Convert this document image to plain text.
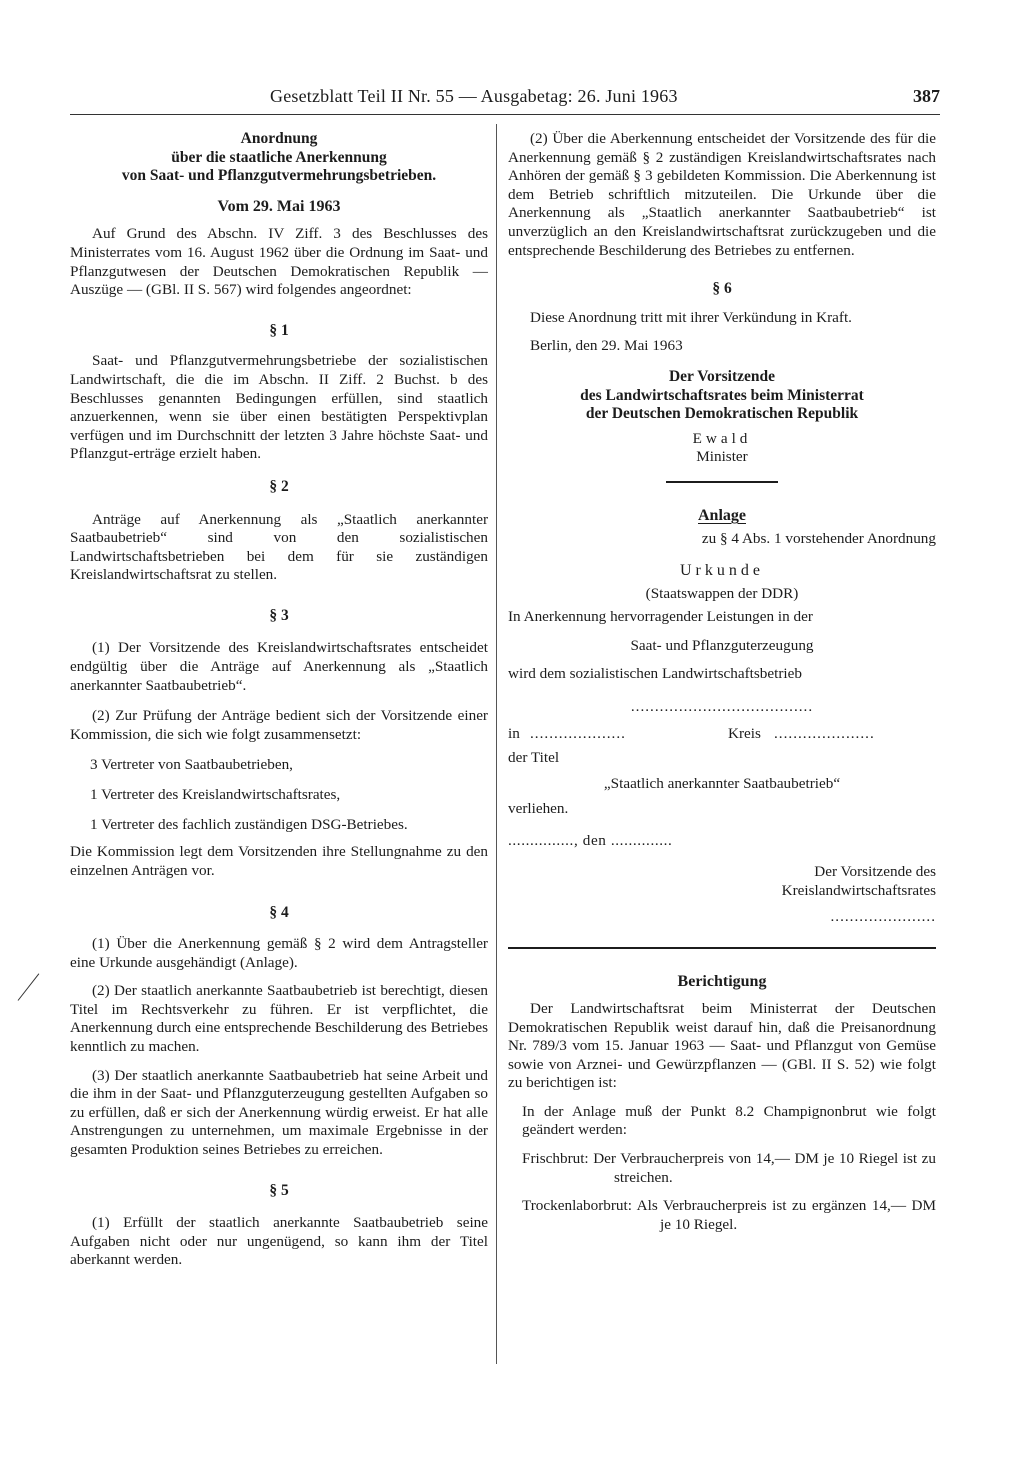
Gesetzblatt Teil II Nr. 55 — Ausgabetag: 26. Juni 1963	387

Anordnung

über die staatliche Anerkennung

von Saat- und Pflanzgutvermehrungsbetrieben.

Vom 29. Mai 1963

Auf Grund des Abschn. IV Ziff. 3 des Beschlusses des Ministerrates vom 16. August 1962 über die Ordnung im Saat- und Pflanzgutwesen der Deutschen Demokratischen Republik — Auszüge — (GBl. II S. 567) wird folgendes angeordnet:

§ 1

Saat- und Pflanzgutvermehrungsbetriebe der sozialistischen Landwirtschaft, die die im Abschn. II Ziff. 2 Buchst. b des Beschlusses genannten Bedingungen erfüllen, sind staatlich anzuerkennen, wenn sie über einen bestätigten Perspektivplan verfügen und im Durchschnitt der letzten 3 Jahre höchste Saat- und Pflanzgut-erträge erzielt haben.

§ 2

Anträge auf Anerkennung als „Staatlich anerkannter Saatbaubetrieb“ sind von den sozialistischen Landwirtschaftsbetrieben bei dem für sie zuständigen Kreislandwirtschaftsrat zu stellen.

§ 3

(1) Der Vorsitzende des Kreislandwirtschaftsrates entscheidet endgültig über die Anträge auf Anerkennung als „Staatlich anerkannter Saatbaubetrieb“.

(2) Zur Prüfung der Anträge bedient sich der Vorsitzende einer Kommission, die sich wie folgt zusammensetzt:

3 Vertreter von Saatbaubetrieben,

1 Vertreter des Kreislandwirtschaftsrates,

1 Vertreter des fachlich zuständigen DSG-Betriebes.

Die Kommission legt dem Vorsitzenden ihre Stellungnahme zu den einzelnen Anträgen vor.

§ 4

(1) Über die Anerkennung gemäß § 2 wird dem Antragsteller eine Urkunde ausgehändigt (Anlage).

(2) Der staatlich anerkannte Saatbaubetrieb ist berechtigt, diesen Titel im Rechtsverkehr zu führen. Er ist verpflichtet, die Anerkennung durch eine entsprechende Beschilderung des Betriebes kenntlich zu machen.

(3) Der staatlich anerkannte Saatbaubetrieb hat seine Arbeit und die ihm in der Saat- und Pflanzguterzeugung gestellten Aufgaben so zu erfüllen, daß er sich der Anerkennung würdig erweist. Er hat alle Anstrengungen zu unternehmen, um maximale Ergebnisse in der gesamten Produktion seines Betriebes zu erreichen.

§ 5

(1) Erfüllt der staatlich anerkannte Saatbaubetrieb seine Aufgaben nicht oder nur ungenügend, so kann ihm der Titel aberkannt werden.

(2) Über die Aberkennung entscheidet der Vorsitzende des für die Anerkennung gemäß § 2 zuständigen Kreislandwirtschaftsrates nach Anhören der gemäß § 3 gebildeten Kommission. Die Aberkennung ist dem Betrieb schriftlich mitzuteilen. Die Urkunde über die Anerkennung als „Staatlich anerkannter Saatbaubetrieb“ ist unverzüglich an den Kreislandwirtschaftsrat zurückzugeben und die entsprechende Beschilderung des Betriebes zu entfernen.

§ 6

Diese Anordnung tritt mit ihrer Verkündung in Kraft.

Berlin, den 29. Mai 1963

Der Vorsitzende

des Landwirtschaftsrates beim Ministerrat

der Deutschen Demokratischen Republik

Ewald

Minister

Anlage

zu § 4 Abs. 1 vorstehender Anordnung

Urkunde

(Staatswappen der DDR)

In Anerkennung hervorragender Leistungen in der

Saat- und Pflanzguterzeugung

wird dem sozialistischen Landwirtschaftsbetrieb

......................................

in ....................	Kreis .....................

der Titel

„Staatlich anerkannter Saatbaubetrieb“

verliehen.

..............., den ..............

Der Vorsitzende des

Kreislandwirtschaftsrates

......................

Berichtigung

Der Landwirtschaftsrat beim Ministerrat der Deutschen Demokratischen Republik weist darauf hin, daß die Preisanordnung Nr. 789/3 vom 15. Januar 1963 — Saat- und Pflanzgut von Gemüse sowie von Arznei- und Gewürzpflanzen — (GBl. II S. 52) wie folgt zu berichtigen ist:

In der Anlage muß der Punkt 8.2 Champignonbrut wie folgt geändert werden:

Frischbrut: Der Verbraucherpreis von 14,— DM je 10 Riegel ist zu streichen.

Trockenlaborbrut: Als Verbraucherpreis ist zu ergänzen 14,— DM je 10 Riegel.
